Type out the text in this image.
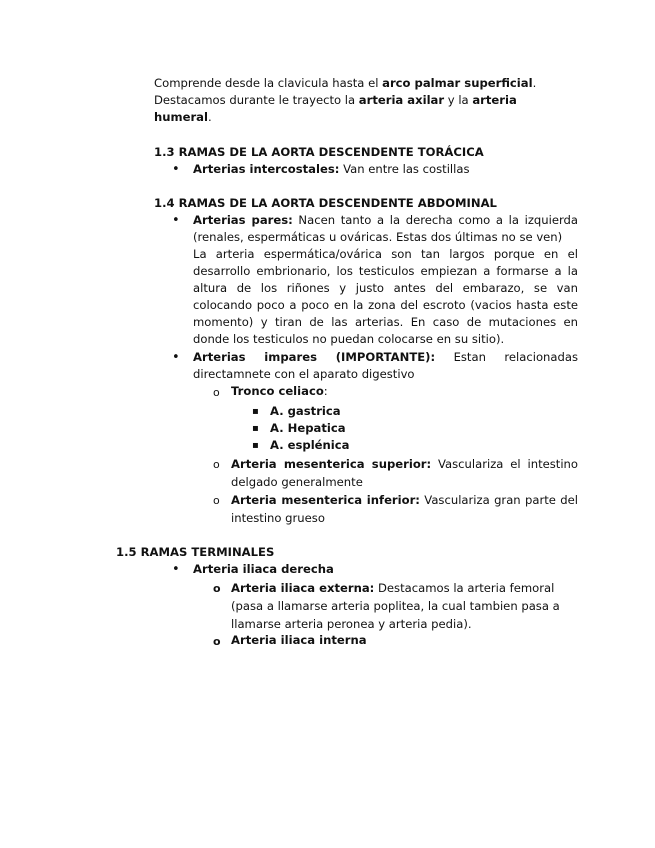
Comprende desde la clavicula hasta el arco palmar superficial.
Destacamos durante le trayecto la arteria axilar y la arteria
humeral.
1.3 RAMAS DE LA AORTA DESCENDENTE TORÁCICA
• Arterias intercostales: Van entre las costillas
1.4 RAMAS DE LA AORTA DESCENDENTE ABDOMINAL
• Arterias pares: Nacen tanto a la derecha como a la izquierda (renales, espermáticas u ováricas. Estas dos últimas no se ven)
La arteria espermática/ovárica son tan largos porque en el desarrollo embrionario, los testiculos empiezan a formarse a la altura de los riñones y justo antes del embarazo, se van colocando poco a poco en la zona del escroto (vacios hasta este momento) y tiran de las arterias. En caso de mutaciones en donde los testiculos no puedan colocarse en su sitio).
• Arterias impares (IMPORTANTE): Estan relacionadas directamnete con el aparato digestivo
o Tronco celiaco:
▪ A. gastrica
▪ A. Hepatica
▪ A. esplénica
o Arteria mesenterica superior: Vasculariza el intestino delgado generalmente
o Arteria mesenterica inferior: Vasculariza gran parte del intestino grueso
1.5 RAMAS TERMINALES
• Arteria iliaca derecha
o Arteria iliaca externa: Destacamos la arteria femoral (pasa a llamarse arteria poplitea, la cual tambien pasa a llamarse arteria peronea y arteria pedia).
o Arteria iliaca interna
